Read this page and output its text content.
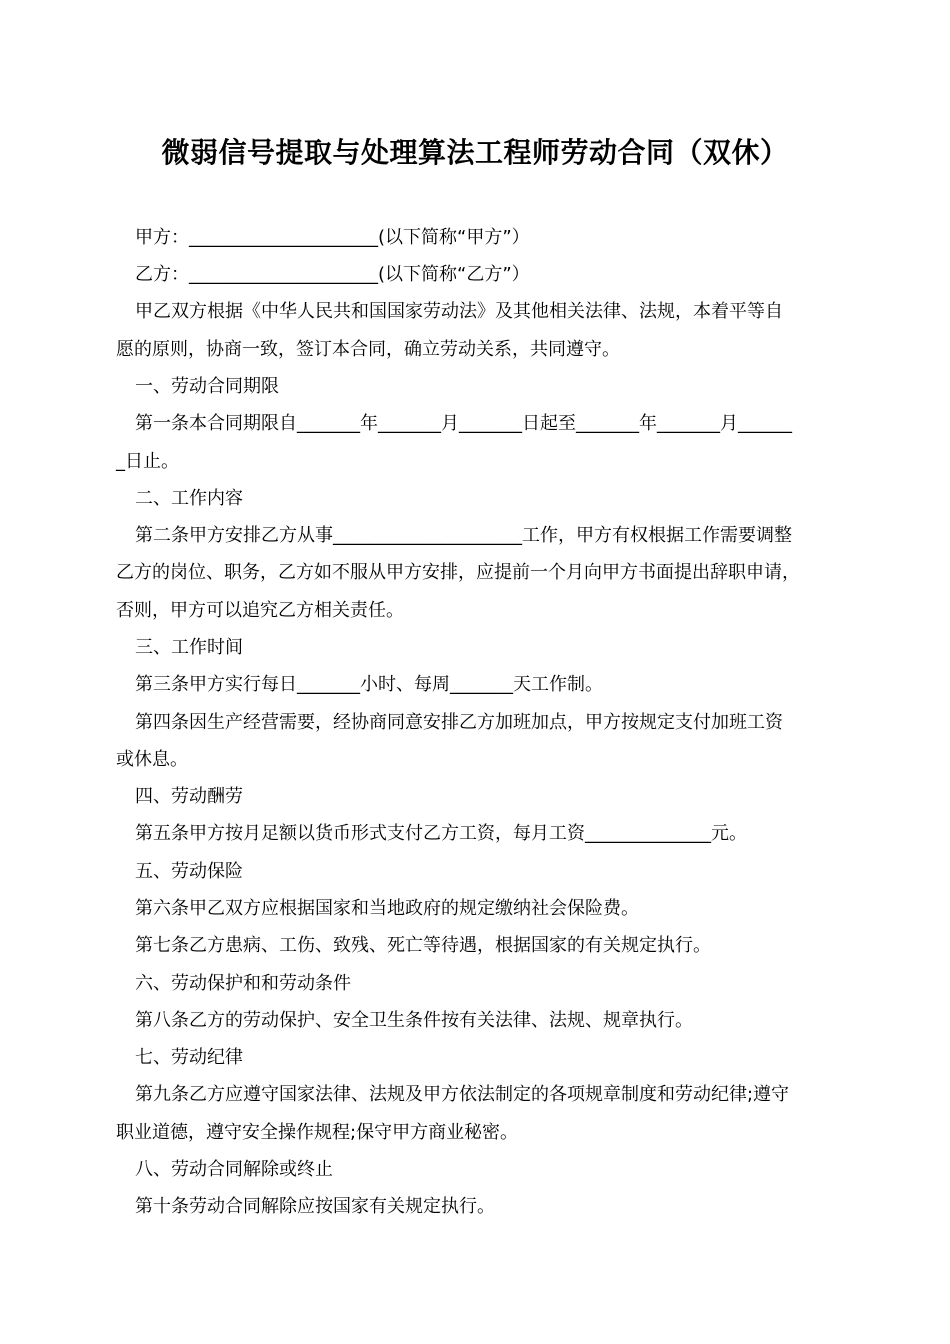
微弱信号提取与处理算法工程师劳动合同（双休）
甲方：_____________________(以下简称“甲方”）
乙方：_____________________(以下简称“乙方”）
甲乙双方根据《中华人民共和国国家劳动法》及其他相关法律、法规，本着平等自
愿的原则，协商一致，签订本合同，确立劳动关系，共同遵守。
一、劳动合同期限
第一条本合同期限自_______年_______月_______日起至_______年_______月______
_日止。
二、工作内容
第二条甲方安排乙方从事_____________________工作，甲方有权根据工作需要调整
乙方的岗位、职务，乙方如不服从甲方安排，应提前一个月向甲方书面提出辞职申请，
否则，甲方可以追究乙方相关责任。
三、工作时间
第三条甲方实行每日_______小时、每周_______天工作制。
第四条因生产经营需要，经协商同意安排乙方加班加点，甲方按规定支付加班工资
或休息。
四、劳动酬劳
第五条甲方按月足额以货币形式支付乙方工资，每月工资______________元。
五、劳动保险
第六条甲乙双方应根据国家和当地政府的规定缴纳社会保险费。
第七条乙方患病、工伤、致残、死亡等待遇，根据国家的有关规定执行。
六、劳动保护和和劳动条件
第八条乙方的劳动保护、安全卫生条件按有关法律、法规、规章执行。
七、劳动纪律
第九条乙方应遵守国家法律、法规及甲方依法制定的各项规章制度和劳动纪律;遵守
职业道德，遵守安全操作规程;保守甲方商业秘密。
八、劳动合同解除或终止
第十条劳动合同解除应按国家有关规定执行。
